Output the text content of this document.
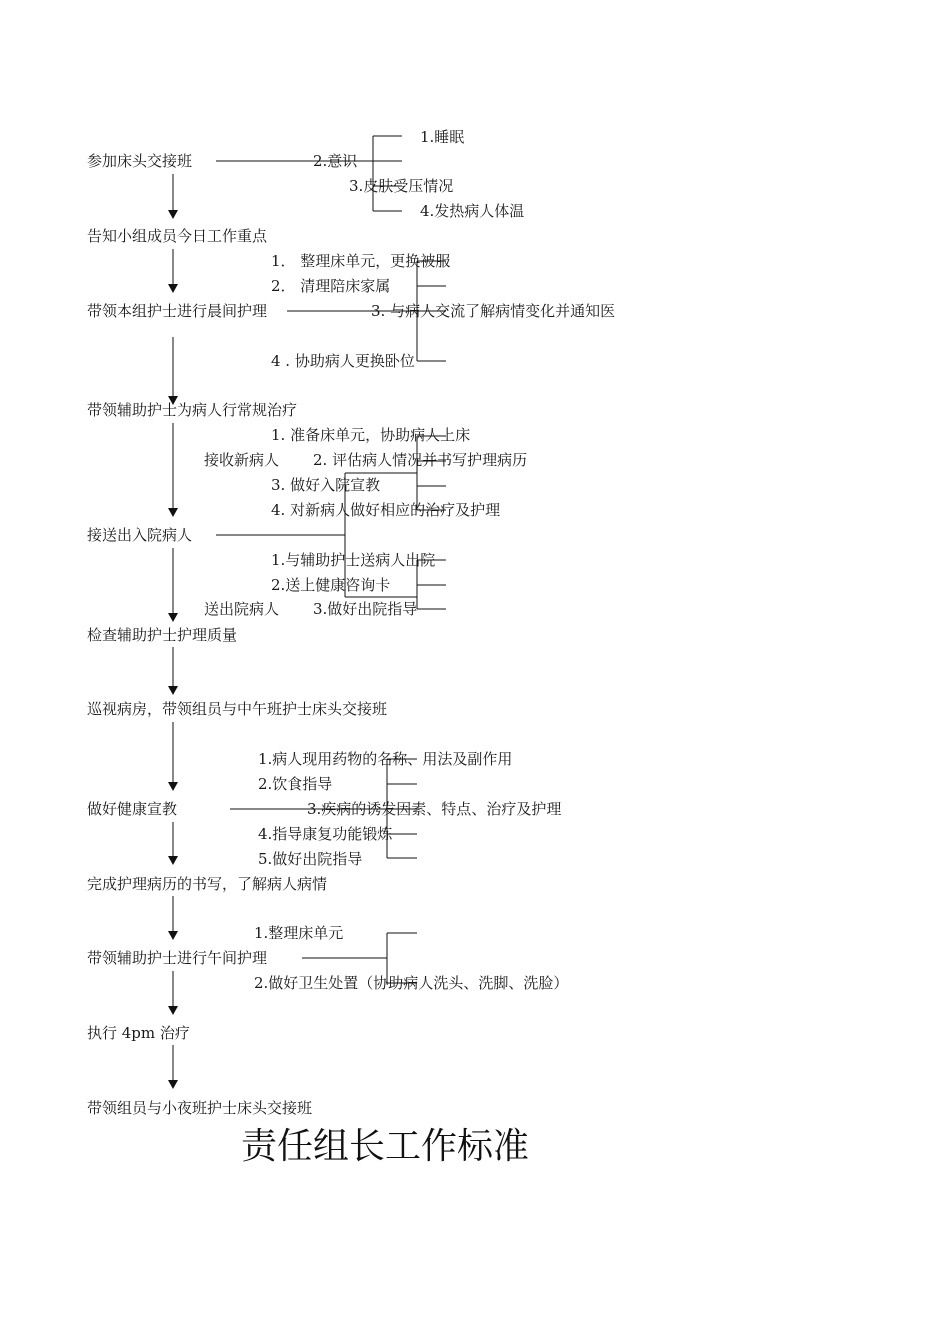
参加床头交接班
告知小组成员今日工作重点
带领本组护士进行晨间护理
带领辅助护士为病人行常规治疗
接送出入院病人
检查辅助护士护理质量
巡视病房，带领组员与中午班护士床头交接班
做好健康宣教
完成护理病历的书写，了解病人病情
带领辅助护士进行午间护理
执行 4pm 治疗
带领组员与小夜班护士床头交接班
1.睡眠
2.意识
3.皮肤受压情况
4.发热病人体温
1． 整理床单元，更换被服
2． 清理陪床家属
3. 与病人交流了解病情变化并通知医
4 . 协助病人更换卧位
接收新病人
1. 准备床单元，协助病人上床
2. 评估病人情况并书写护理病历
3. 做好入院宣教
4. 对新病人做好相应的治疗及护理
送出院病人
1.与辅助护士送病人出院
2.送上健康咨询卡
3.做好出院指导
1.病人现用药物的名称、用法及副作用
2.饮食指导
3.疾病的诱发因素、特点、治疗及护理
4.指导康复功能锻炼
5.做好出院指导
1.整理床单元
2.做好卫生处置（协助病人洗头、洗脚、洗脸）
责任组长工作标准
